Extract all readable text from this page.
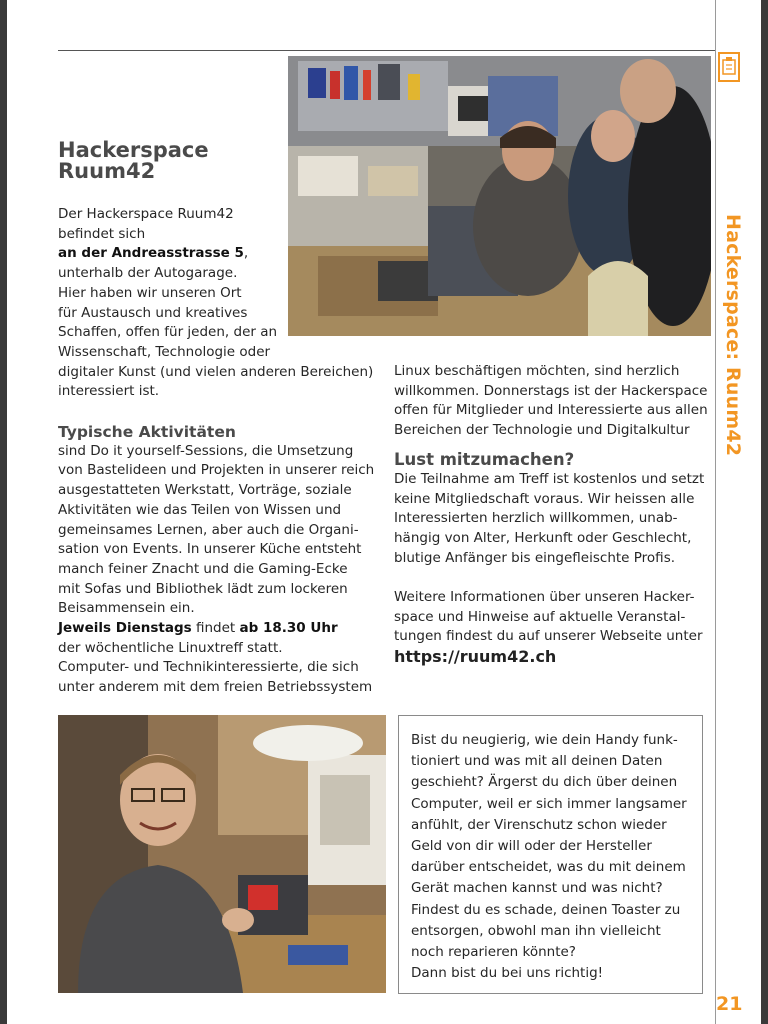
Hackerspace: Ruum42
21
Hackerspace
Ruum42
Der Hackerspace Ruum42
befindet sich
an der Andreasstrasse 5,
unterhalb der Autogarage.
Hier haben wir unseren Ort
für Austausch und kreatives
Schaffen, offen für jeden, der an
Wissenschaft, Technologie oder
digitaler Kunst (und vielen anderen Bereichen)
interessiert ist.
Typische Aktivitäten
sind Do it yourself-Sessions, die Umsetzung
von Bastelideen und Projekten in unserer reich
ausgestatteten Werkstatt, Vorträge, soziale
Aktivitäten wie das Teilen von Wissen und
gemeinsames Lernen, aber auch die Organi-
sation von Events. In unserer Küche entsteht
manch feiner Znacht und die Gaming-Ecke
mit Sofas und Bibliothek lädt zum lockeren
Beisammensein ein.
Jeweils Dienstags findet ab 18.30 Uhr
der wöchentliche Linuxtreff statt.
Computer- und Technikinteressierte, die sich
unter anderem mit dem freien Betriebssystem
Linux beschäftigen möchten, sind herzlich
willkommen. Donnerstags ist der Hackerspace
offen für Mitglieder und Interessierte aus allen
Bereichen der Technologie und Digitalkultur
Lust mitzumachen?
Die Teilnahme am Treff ist kostenlos und setzt
keine Mitgliedschaft voraus. Wir heissen alle
Interessierten herzlich willkommen, unab-
hängig von Alter, Herkunft oder Geschlecht,
blutige Anfänger bis eingefleischte Profis.
Weitere Informationen über unseren Hacker-
space und Hinweise auf aktuelle Veranstal-
tungen findest du auf unserer Webseite unter
https://ruum42.ch
Bist du neugierig, wie dein Handy funk-
tioniert und was mit all deinen Daten
geschieht? Ärgerst du dich über deinen
Computer, weil er sich immer langsamer
anfühlt, der Virenschutz schon wieder
Geld von dir will oder der Hersteller
darüber entscheidet, was du mit deinem
Gerät machen kannst und was nicht?
Findest du es schade, deinen Toaster zu
entsorgen, obwohl man ihn vielleicht
noch reparieren könnte?
Dann bist du bei uns richtig!
